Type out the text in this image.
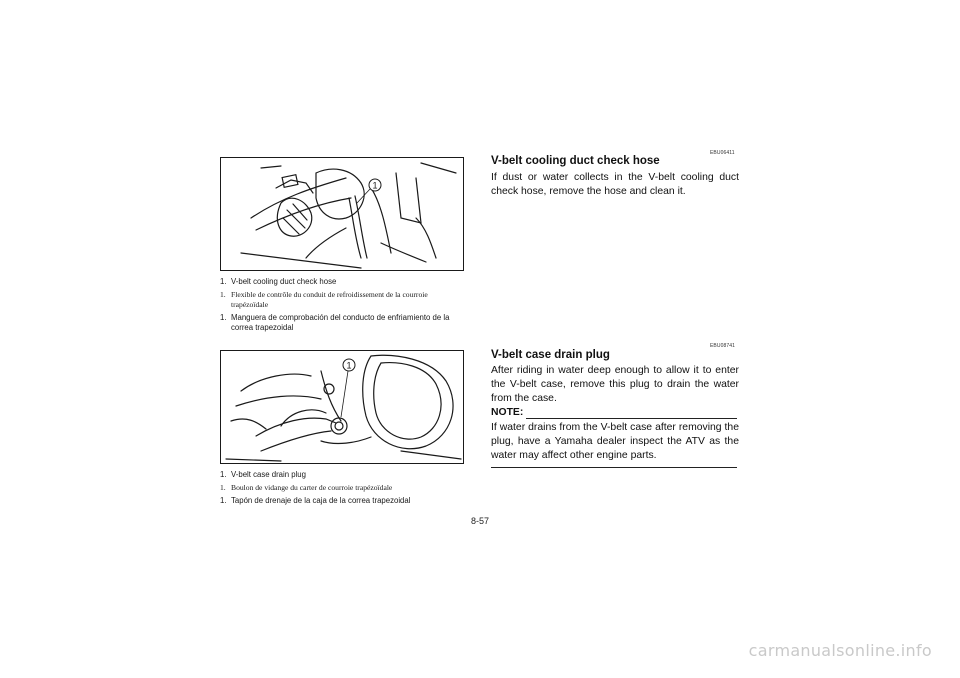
1
1. V-belt cooling duct check hose
1. Flexible de contrôle du conduit de refroidissement de la courroie trapézoïdale
1. Manguera de comprobación del conducto de enfriamiento de la correa trapezoidal
1
1. V-belt case drain plug
1. Boulon de vidange du carter de courroie trapézoïdale
1. Tapón de drenaje de la caja de la correa trapezoidal
EBU06411
V-belt cooling duct check hose
If dust or water collects in the V-belt cooling duct check hose, remove the hose and clean it.
EBU08741
V-belt case drain plug
After riding in water deep enough to allow it to enter the V-belt case, remove this plug to drain the water from the case.
NOTE:
If water drains from the V-belt case after removing the plug, have a Yamaha dealer inspect the ATV as the water may affect other engine parts.
8-57
carmanualsonline.info
